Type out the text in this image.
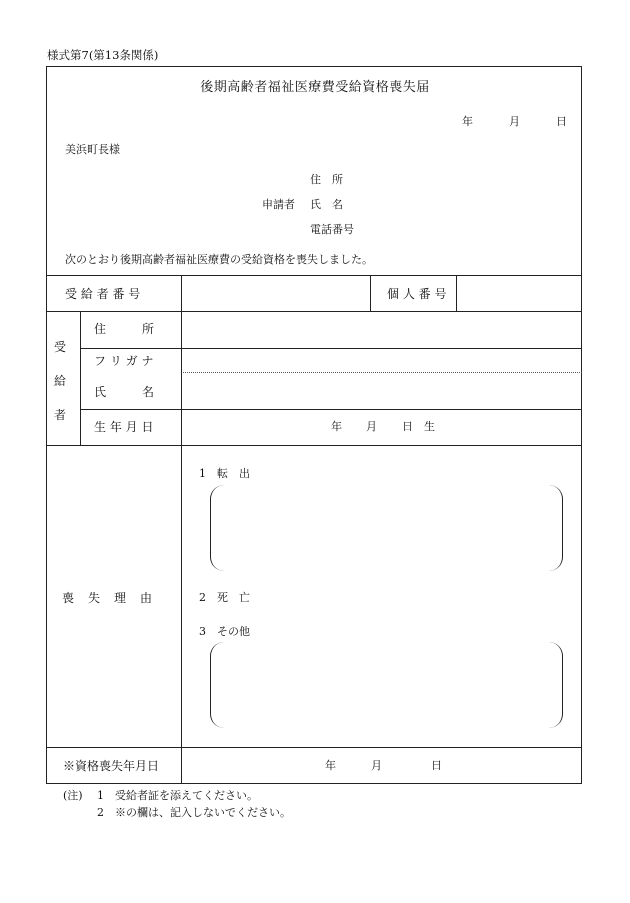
様式第7(第13条関係)
後期高齢者福祉医療費受給資格喪失届
年	月	日
美浜町長様
住　所
申請者 氏　名
電話番号
次のとおり後期高齢者福祉医療費の受給資格を喪失しました。
受 給 者 番 号	個 人 番 号
受
給
者
住　　　所
フ リ ガ ナ
氏　　　名
生 年 月 日	年 月 日 生
喪　失　理　由
1　転　出
2　死　亡
3　その他
※資格喪失年月日	年	月	日
(注) 1　受給者証を添えてください。
2　※の欄は、記入しないでください。
